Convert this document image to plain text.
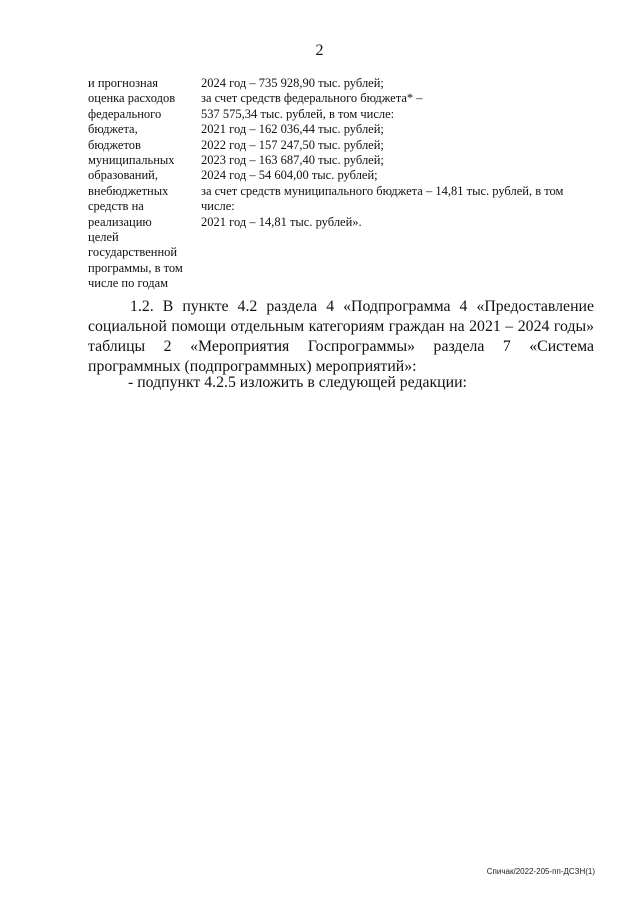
2
и прогнозная
оценка расходов
федерального
бюджета,
бюджетов
муниципальных
образований,
внебюджетных
средств на
реализацию
целей
государственной
программы, в том
числе по годам
2024 год – 735 928,90 тыс. рублей;
за счет средств федерального бюджета* –
537 575,34 тыс. рублей, в том числе:
2021 год – 162 036,44 тыс. рублей;
2022 год – 157 247,50 тыс. рублей;
2023 год – 163 687,40 тыс. рублей;
2024 год – 54 604,00 тыс. рублей;
за счет средств муниципального бюджета – 14,81 тыс. рублей, в том
числе:
2021 год – 14,81 тыс. рублей».
1.2. В пункте 4.2 раздела 4 «Подпрограмма 4 «Предоставление социальной помощи отдельным категориям граждан на 2021 – 2024 годы» таблицы 2 «Мероприятия Госпрограммы» раздела 7 «Система программных (подпрограммных) мероприятий»:
- подпункт 4.2.5 изложить в следующей редакции:
Спичак/2022-205-пп-ДСЗН(1)
